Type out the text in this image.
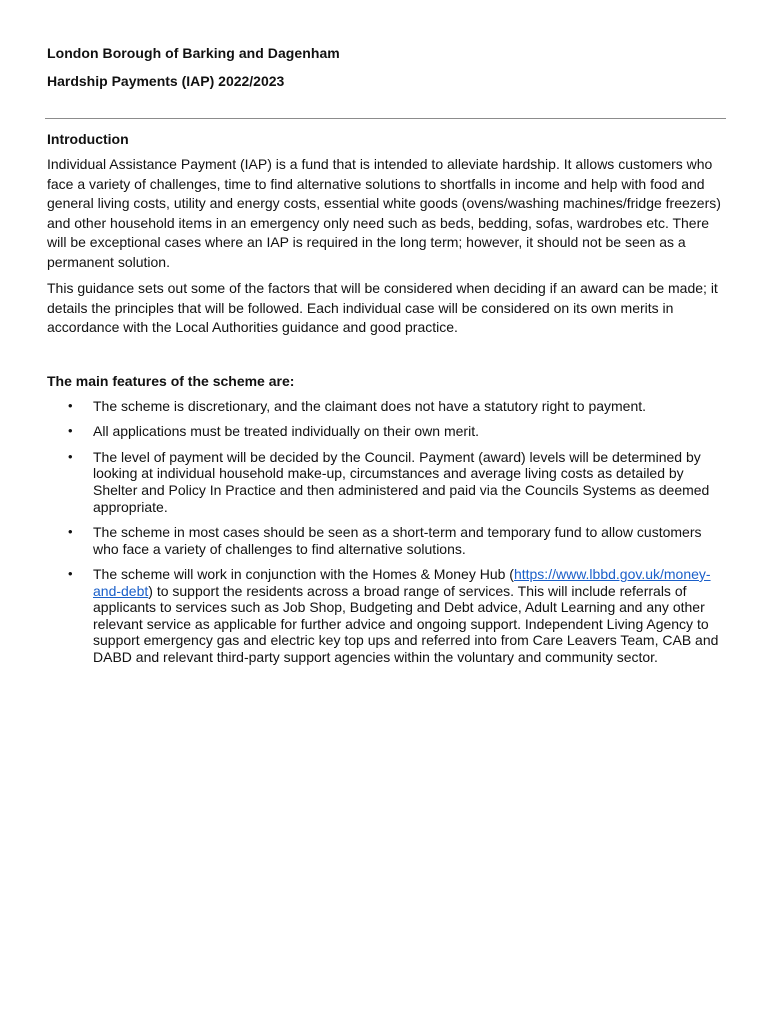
London Borough of Barking and Dagenham
Hardship Payments (IAP) 2022/2023
Introduction

Individual Assistance Payment (IAP) is a fund that is intended to alleviate hardship. It allows customers who face a variety of challenges, time to find alternative solutions to shortfalls in income and help with food and general living costs, utility and energy costs, essential white goods (ovens/washing machines/fridge freezers) and other household items in an emergency only need such as beds, bedding, sofas, wardrobes etc. There will be exceptional cases where an IAP is required in the long term; however, it should not be seen as a permanent solution.

This guidance sets out some of the factors that will be considered when deciding if an award can be made; it details the principles that will be followed. Each individual case will be considered on its own merits in accordance with the Local Authorities guidance and good practice.

The main features of the scheme are:
• The scheme is discretionary, and the claimant does not have a statutory right to payment.
• All applications must be treated individually on their own merit.
• The level of payment will be decided by the Council. Payment (award) levels will be determined by looking at individual household make-up, circumstances and average living costs as detailed by Shelter and Policy In Practice and then administered and paid via the Councils Systems as deemed appropriate.
• The scheme in most cases should be seen as a short-term and temporary fund to allow customers who face a variety of challenges to find alternative solutions.
• The scheme will work in conjunction with the Homes & Money Hub (https://www.lbbd.gov.uk/money-and-debt) to support the residents across a broad range of services. This will include referrals of applicants to services such as Job Shop, Budgeting and Debt advice, Adult Learning and any other relevant service as applicable for further advice and ongoing support. Independent Living Agency to support emergency gas and electric key top ups and referred into from Care Leavers Team, CAB and DABD and relevant third-party support agencies within the voluntary and community sector.
